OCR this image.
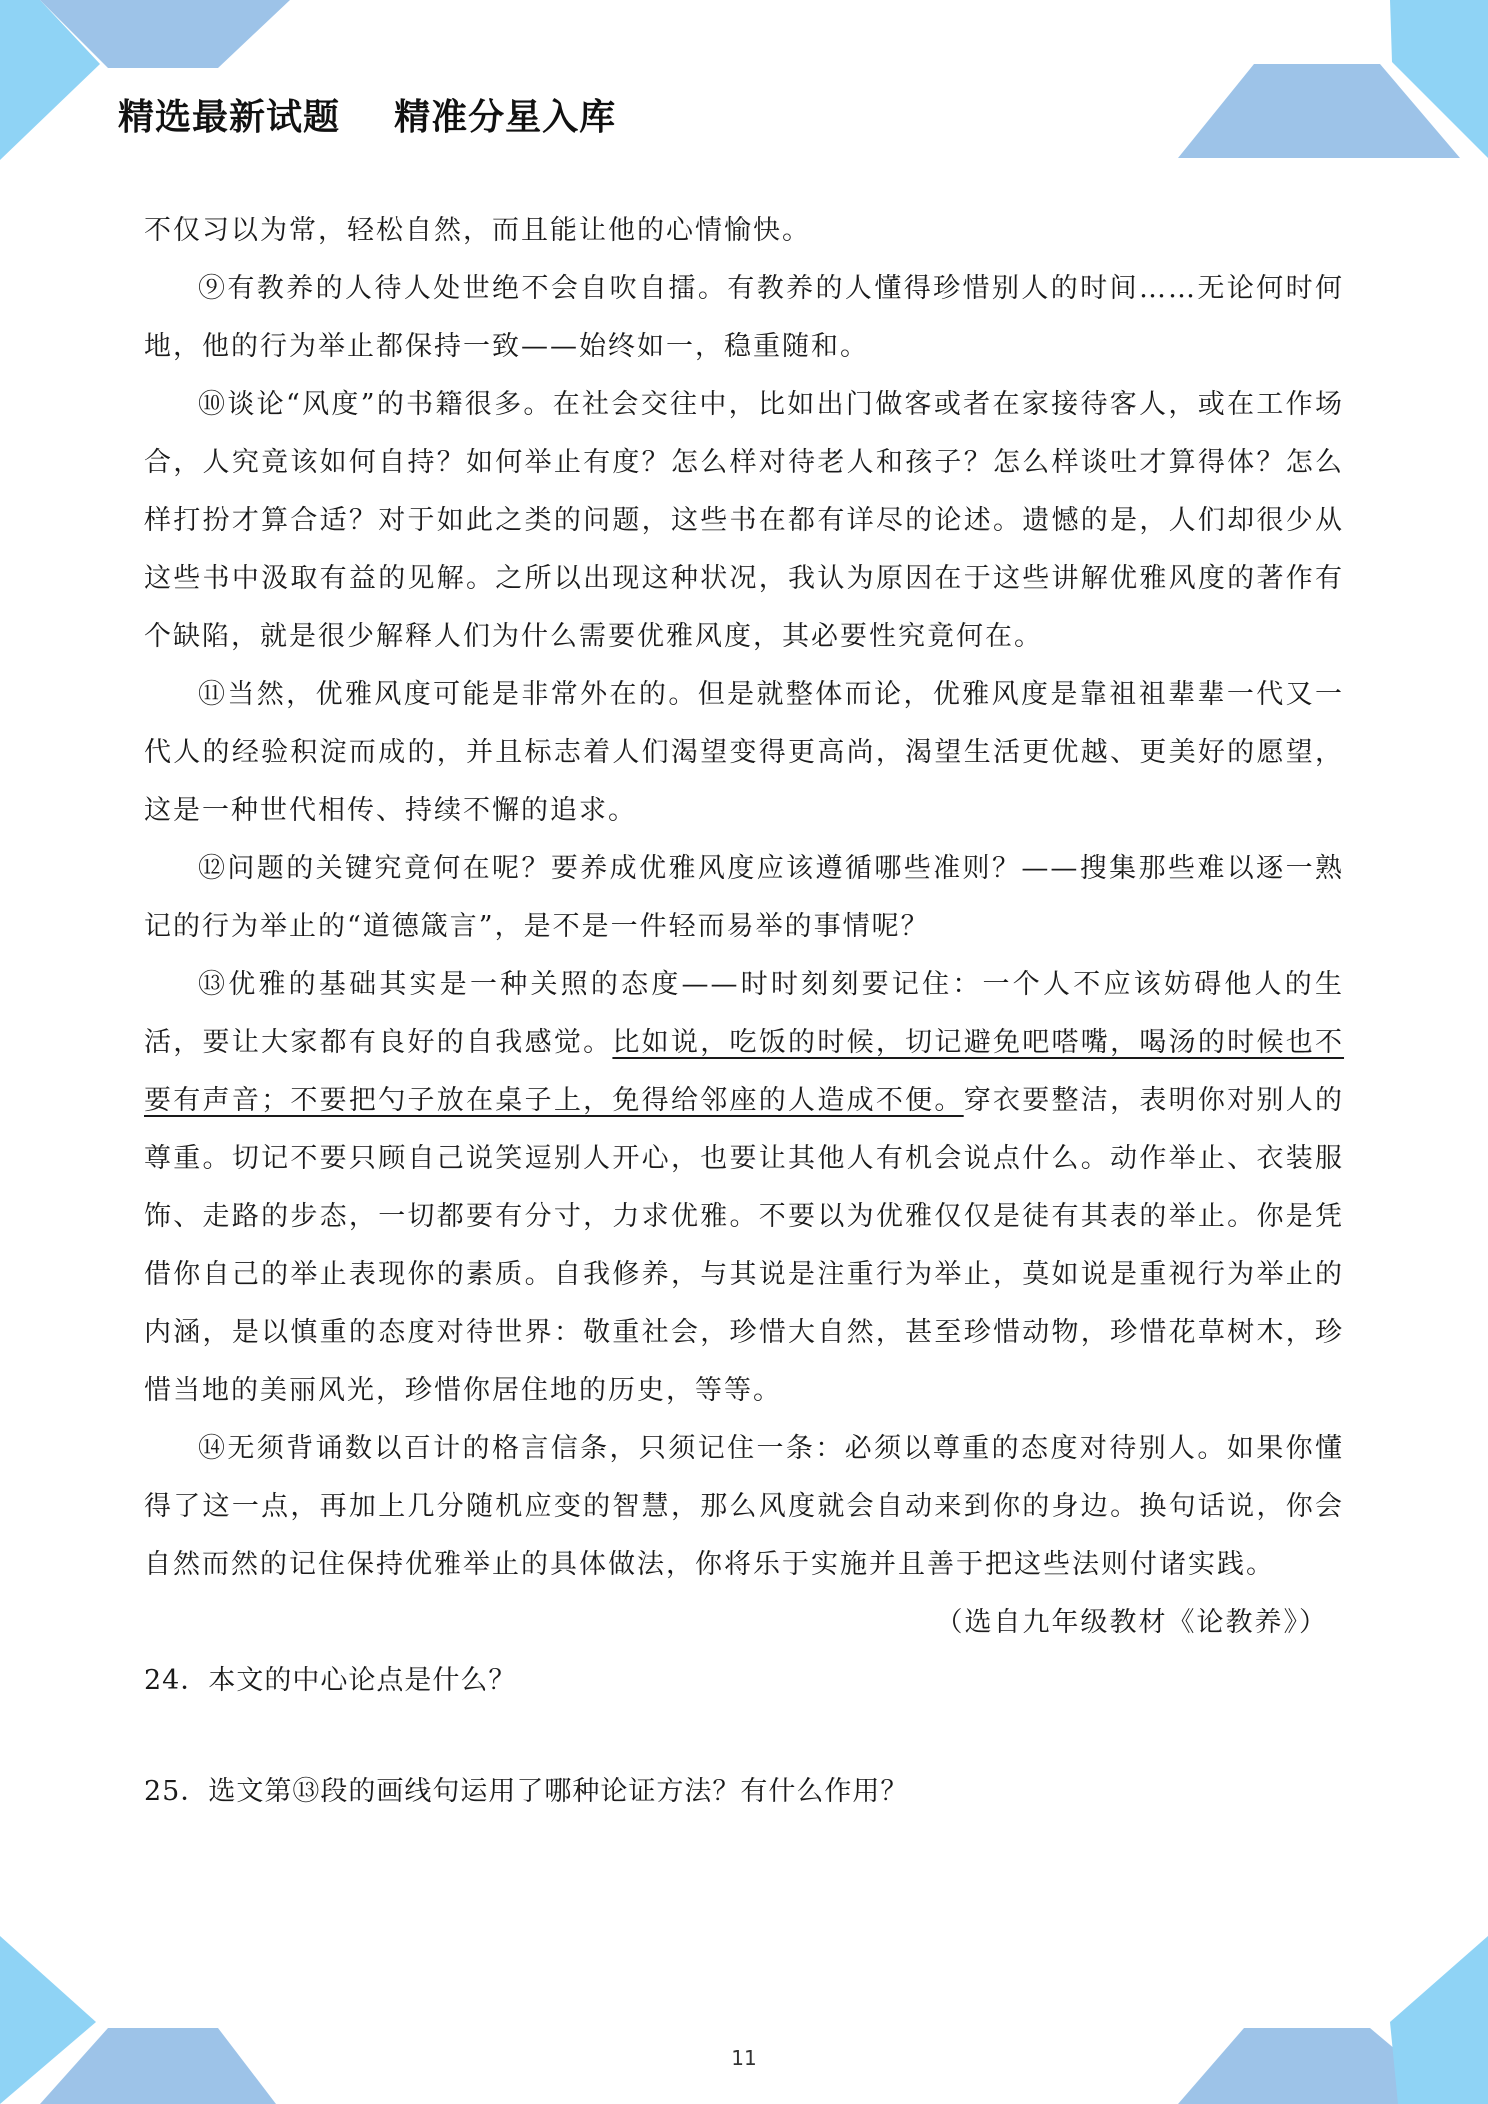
精选最新试题    精准分星入库

不仅习以为常，轻松自然，而且能让他的心情愉快。

⑨有教养的人待人处世绝不会自吹自擂。有教养的人懂得珍惜别人的时间……无论何时何地，他的行为举止都保持一致——始终如一，稳重随和。

⑩谈论“风度”的书籍很多。在社会交往中，比如出门做客或者在家接待客人，或在工作场合，人究竟该如何自持？如何举止有度？怎么样对待老人和孩子？怎么样谈吐才算得体？怎么样打扮才算合适？对于如此之类的问题，这些书在都有详尽的论述。遗憾的是，人们却很少从这些书中汲取有益的见解。之所以出现这种状况，我认为原因在于这些讲解优雅风度的著作有个缺陷，就是很少解释人们为什么需要优雅风度，其必要性究竟何在。

⑪当然，优雅风度可能是非常外在的。但是就整体而论，优雅风度是靠祖祖辈辈一代又一代人的经验积淀而成的，并且标志着人们渴望变得更高尚，渴望生活更优越、更美好的愿望，这是一种世代相传、持续不懈的追求。

⑫问题的关键究竟何在呢？要养成优雅风度应该遵循哪些准则？——搜集那些难以逐一熟记的行为举止的“道德箴言”，是不是一件轻而易举的事情呢？

⑬优雅的基础其实是一种关照的态度——时时刻刻要记住：一个人不应该妨碍他人的生活，要让大家都有良好的自我感觉。比如说，吃饭的时候，切记避免吧嗒嘴，喝汤的时候也不要有声音；不要把勺子放在桌子上，免得给邻座的人造成不便。穿衣要整洁，表明你对别人的尊重。切记不要只顾自己说笑逗别人开心，也要让其他人有机会说点什么。动作举止、衣装服饰、走路的步态，一切都要有分寸，力求优雅。不要以为优雅仅仅是徒有其表的举止。你是凭借你自己的举止表现你的素质。自我修养，与其说是注重行为举止，莫如说是重视行为举止的内涵，是以慎重的态度对待世界：敬重社会，珍惜大自然，甚至珍惜动物，珍惜花草树木，珍惜当地的美丽风光，珍惜你居住地的历史，等等。

⑭无须背诵数以百计的格言信条，只须记住一条：必须以尊重的态度对待别人。如果你懂得了这一点，再加上几分随机应变的智慧，那么风度就会自动来到你的身边。换句话说，你会自然而然的记住保持优雅举止的具体做法，你将乐于实施并且善于把这些法则付诸实践。

（选自九年级教材《论教养》）

24．本文的中心论点是什么？

25．选文第⑬段的画线句运用了哪种论证方法？有什么作用？

11
